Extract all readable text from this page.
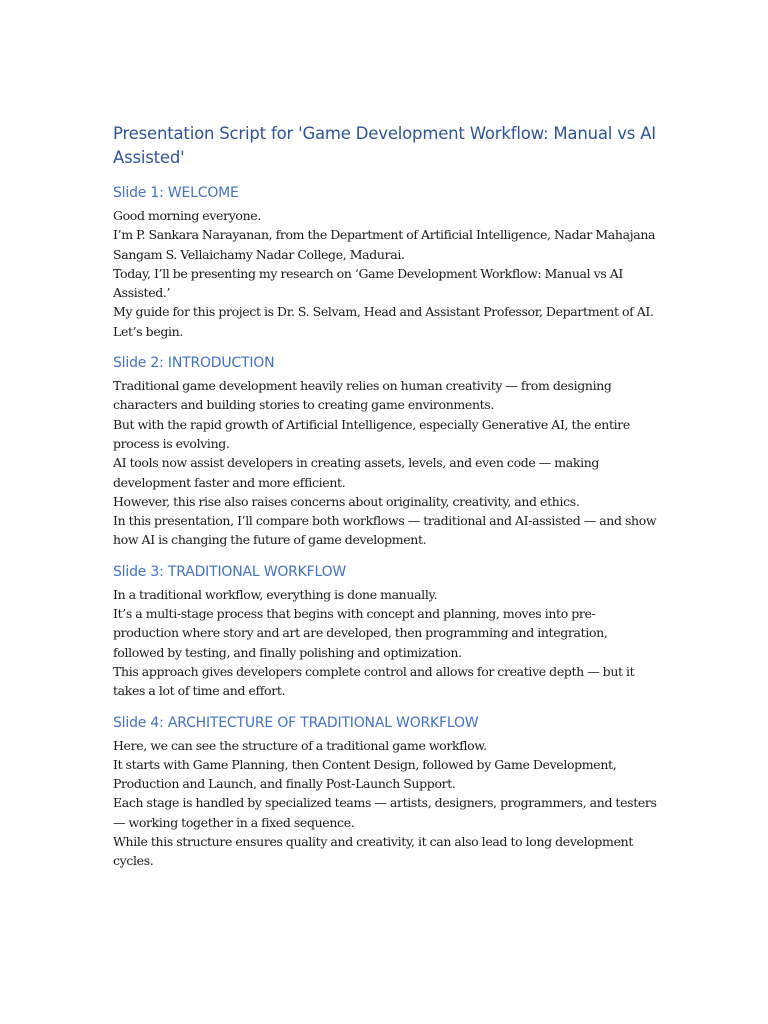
Presentation Script for 'Game Development Workflow: Manual vs AI Assisted'
Slide 1: WELCOME

Good morning everyone.

I’m P. Sankara Narayanan, from the Department of Artificial Intelligence, Nadar Mahajana Sangam S. Vellaichamy Nadar College, Madurai.

Today, I’ll be presenting my research on ‘Game Development Workflow: Manual vs AI Assisted.’

My guide for this project is Dr. S. Selvam, Head and Assistant Professor, Department of AI.

Let’s begin.

Slide 2: INTRODUCTION

Traditional game development heavily relies on human creativity — from designing characters and building stories to creating game environments.

But with the rapid growth of Artificial Intelligence, especially Generative AI, the entire process is evolving.

AI tools now assist developers in creating assets, levels, and even code — making development faster and more efficient.

However, this rise also raises concerns about originality, creativity, and ethics.

In this presentation, I’ll compare both workflows — traditional and AI-assisted — and show how AI is changing the future of game development.

Slide 3: TRADITIONAL WORKFLOW

In a traditional workflow, everything is done manually.

It’s a multi-stage process that begins with concept and planning, moves into pre-production where story and art are developed, then programming and integration, followed by testing, and finally polishing and optimization.

This approach gives developers complete control and allows for creative depth — but it takes a lot of time and effort.

Slide 4: ARCHITECTURE OF TRADITIONAL WORKFLOW

Here, we can see the structure of a traditional game workflow.

It starts with Game Planning, then Content Design, followed by Game Development, Production and Launch, and finally Post-Launch Support.

Each stage is handled by specialized teams — artists, designers, programmers, and testers — working together in a fixed sequence.

While this structure ensures quality and creativity, it can also lead to long development cycles.
